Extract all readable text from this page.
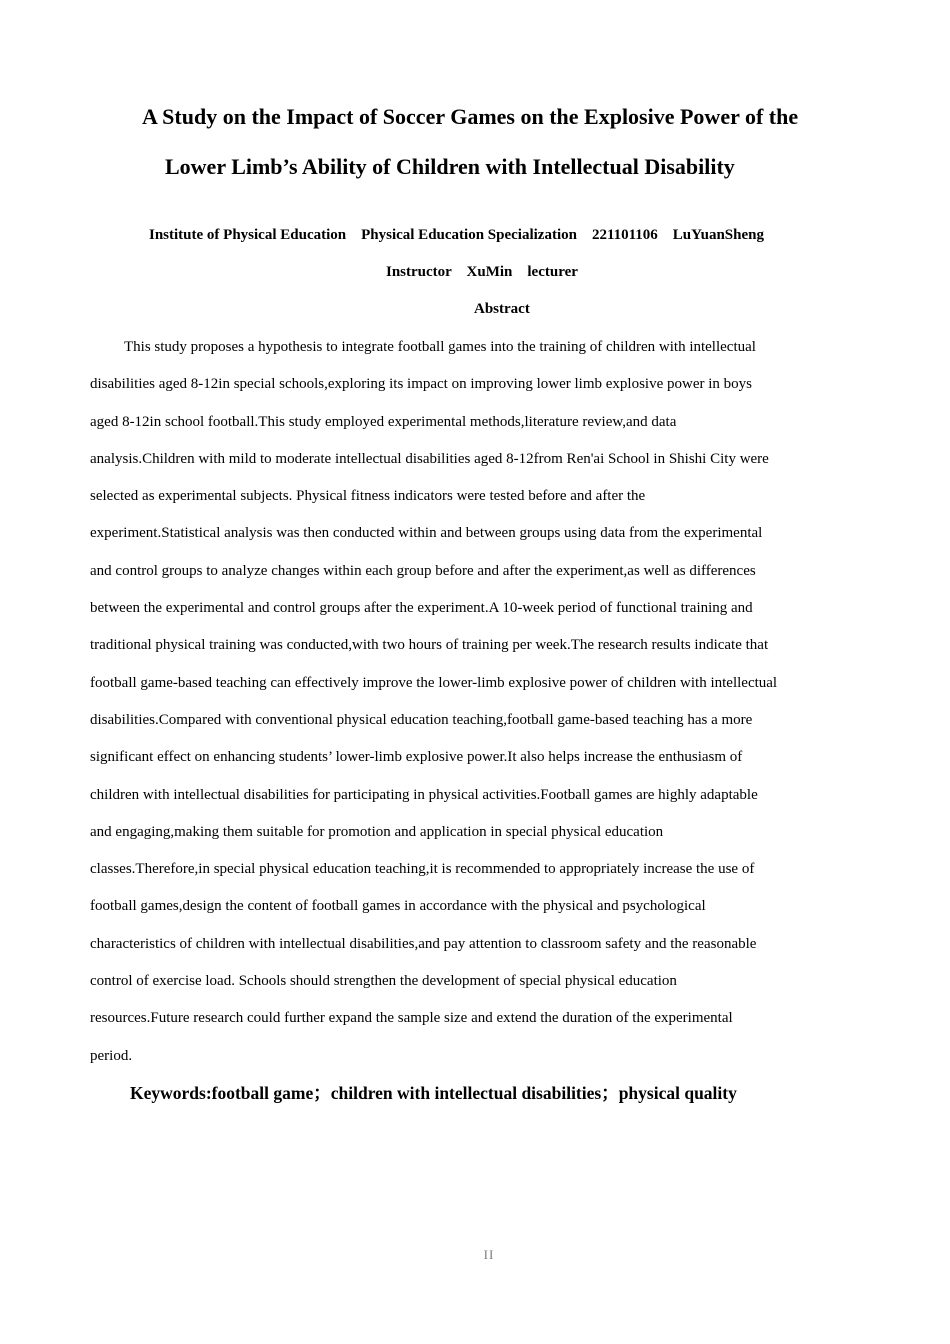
A Study on the Impact of Soccer Games on the Explosive Power of the
Lower Limb’s Ability of Children with Intellectual Disability
Institute of Physical Education    Physical Education Specialization    221101106    LuYuanSheng
Instructor    XuMin    lecturer
Abstract
This study proposes a hypothesis to integrate football games into the training of children with intellectual
disabilities aged 8-12in special schools,exploring its impact on improving lower limb explosive power in boys
aged 8-12in school football.This study employed experimental methods,literature review,and data
analysis.Children with mild to moderate intellectual disabilities aged 8-12from Ren'ai School in Shishi City were
selected as experimental subjects. Physical fitness indicators were tested before and after the
experiment.Statistical analysis was then conducted within and between groups using data from the experimental
and control groups to analyze changes within each group before and after the experiment,as well as differences
between the experimental and control groups after the experiment.A 10-week period of functional training and
traditional physical training was conducted,with two hours of training per week.The research results indicate that
football game-based teaching can effectively improve the lower-limb explosive power of children with intellectual
disabilities.Compared with conventional physical education teaching,football game-based teaching has a more
significant effect on enhancing students’ lower-limb explosive power.It also helps increase the enthusiasm of
children with intellectual disabilities for participating in physical activities.Football games are highly adaptable
and engaging,making them suitable for promotion and application in special physical education
classes.Therefore,in special physical education teaching,it is recommended to appropriately increase the use of
football games,design the content of football games in accordance with the physical and psychological
characteristics of children with intellectual disabilities,and pay attention to classroom safety and the reasonable
control of exercise load. Schools should strengthen the development of special physical education
resources.Future research could further expand the sample size and extend the duration of the experimental
period.
Keywords:football game；children with intellectual disabilities；physical quality
II
